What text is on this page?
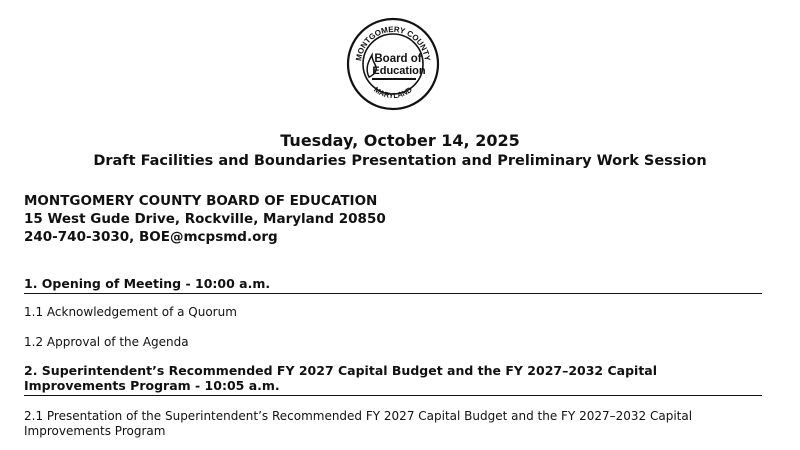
MONTGOMERY COUNTY
MARYLAND
Board of
Education
Tuesday, October 14, 2025
Draft Facilities and Boundaries Presentation and Preliminary Work Session
MONTGOMERY COUNTY BOARD OF EDUCATION
15 West Gude Drive, Rockville, Maryland 20850
240-740-3030, BOE@mcpsmd.org
1. Opening of Meeting - 10:00 a.m.
1.1 Acknowledgement of a Quorum
1.2 Approval of the Agenda
2. Superintendent’s Recommended FY 2027 Capital Budget and the FY 2027–2032 Capital Improvements Program - 10:05 a.m.
2.1 Presentation of the Superintendent’s Recommended FY 2027 Capital Budget and the FY 2027–2032 Capital Improvements Program
